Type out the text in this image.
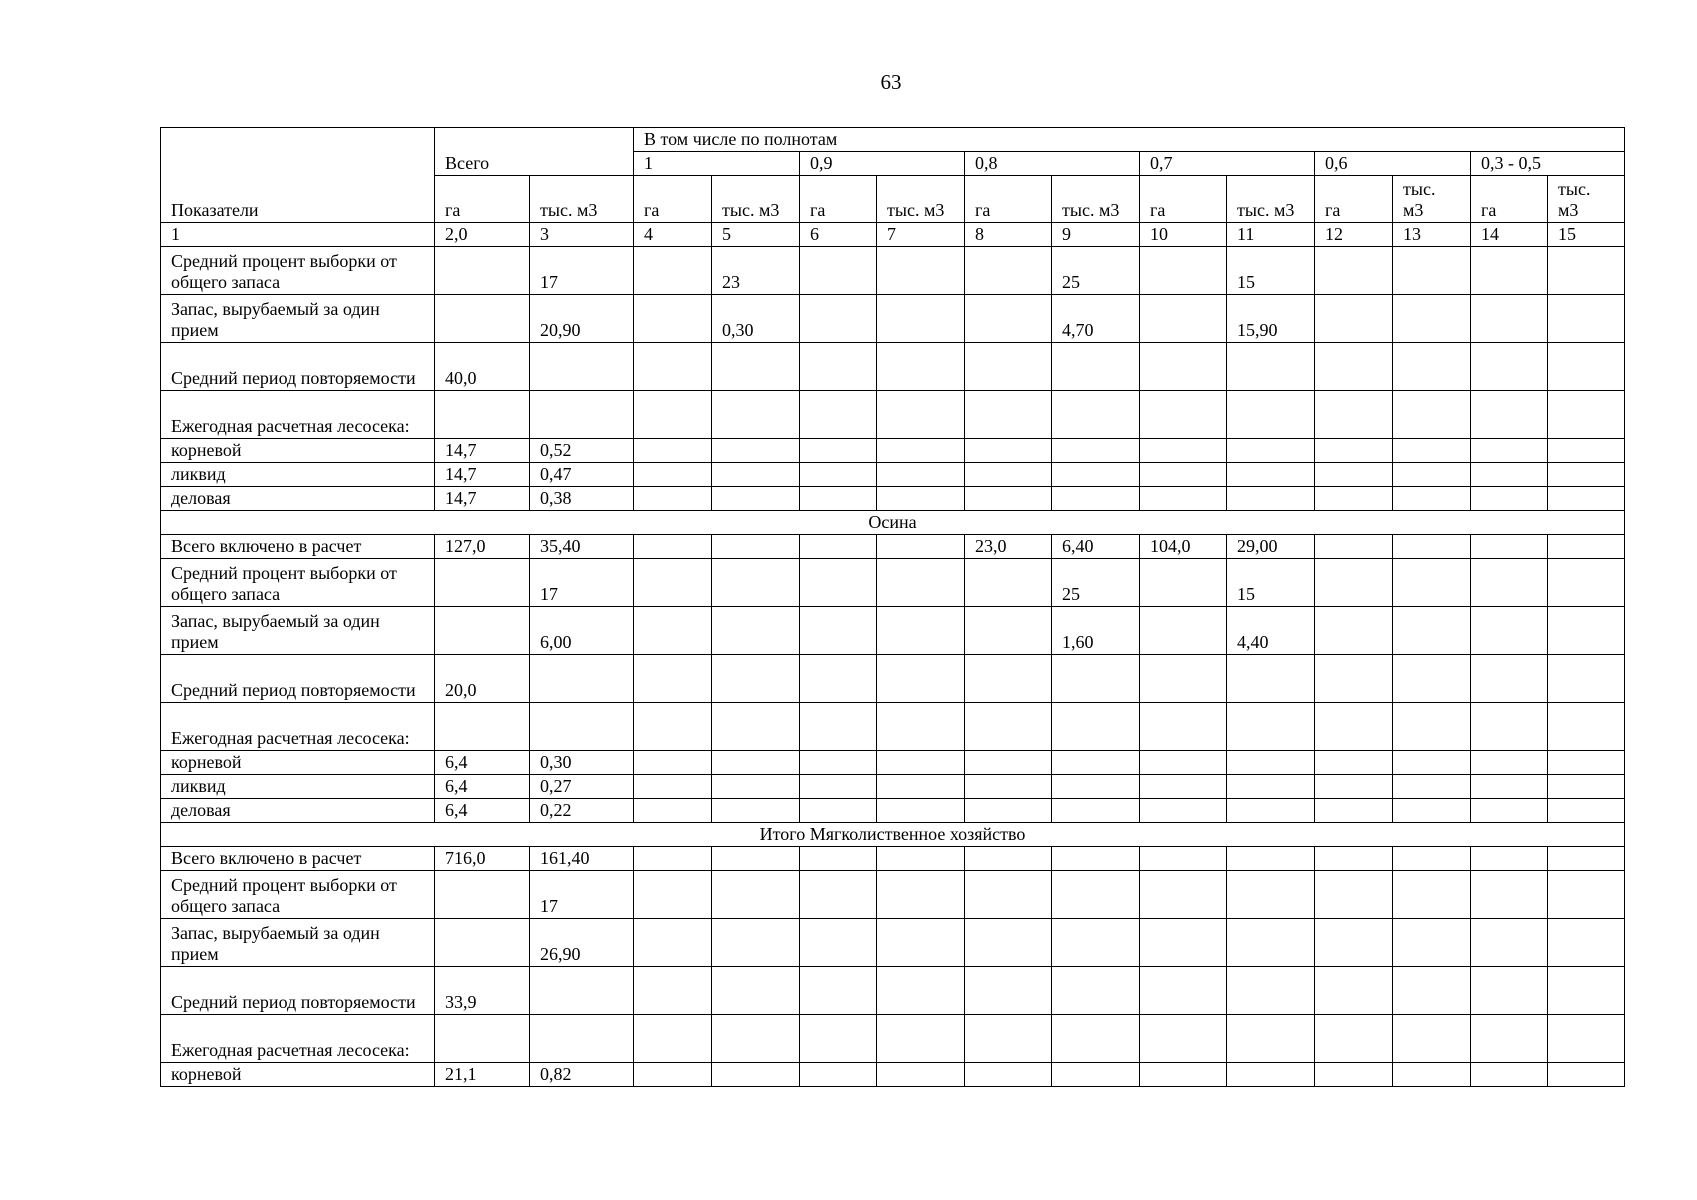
63
Показатели	Всего		В том числе по полнотам											
			1		0,9		0,8		0,7		0,6		0,3 - 0,5	
	га	тыс. м3	га	тыс. м3	га	тыс. м3	га	тыс. м3	га	тыс. м3	га	тыс. м3	га	тыс. м3
1	2,0	3	4	5	6	7	8	9	10	11	12	13	14	15
Средний процент выборки от общего запаса		17		23				25		15				
Запас, вырубаемый за один прием		20,90		0,30				4,70		15,90				
Средний период повторяемости	40,0													
Ежегодная расчетная лесосека:														
корневой	14,7	0,52												
ликвид	14,7	0,47												
деловая	14,7	0,38												
Осина														
Всего включено в расчет	127,0	35,40					23,0	6,40	104,0	29,00				
Средний процент выборки от общего запаса		17						25		15				
Запас, вырубаемый за один прием		6,00						1,60		4,40				
Средний период повторяемости	20,0													
Ежегодная расчетная лесосека:														
корневой	6,4	0,30												
ликвид	6,4	0,27												
деловая	6,4	0,22												
Итого Мягколиственное хозяйство														
Всего включено в расчет	716,0	161,40												
Средний процент выборки от общего запаса		17												
Запас, вырубаемый за один прием		26,90												
Средний период повторяемости	33,9													
Ежегодная расчетная лесосека:														
корневой	21,1	0,82												
